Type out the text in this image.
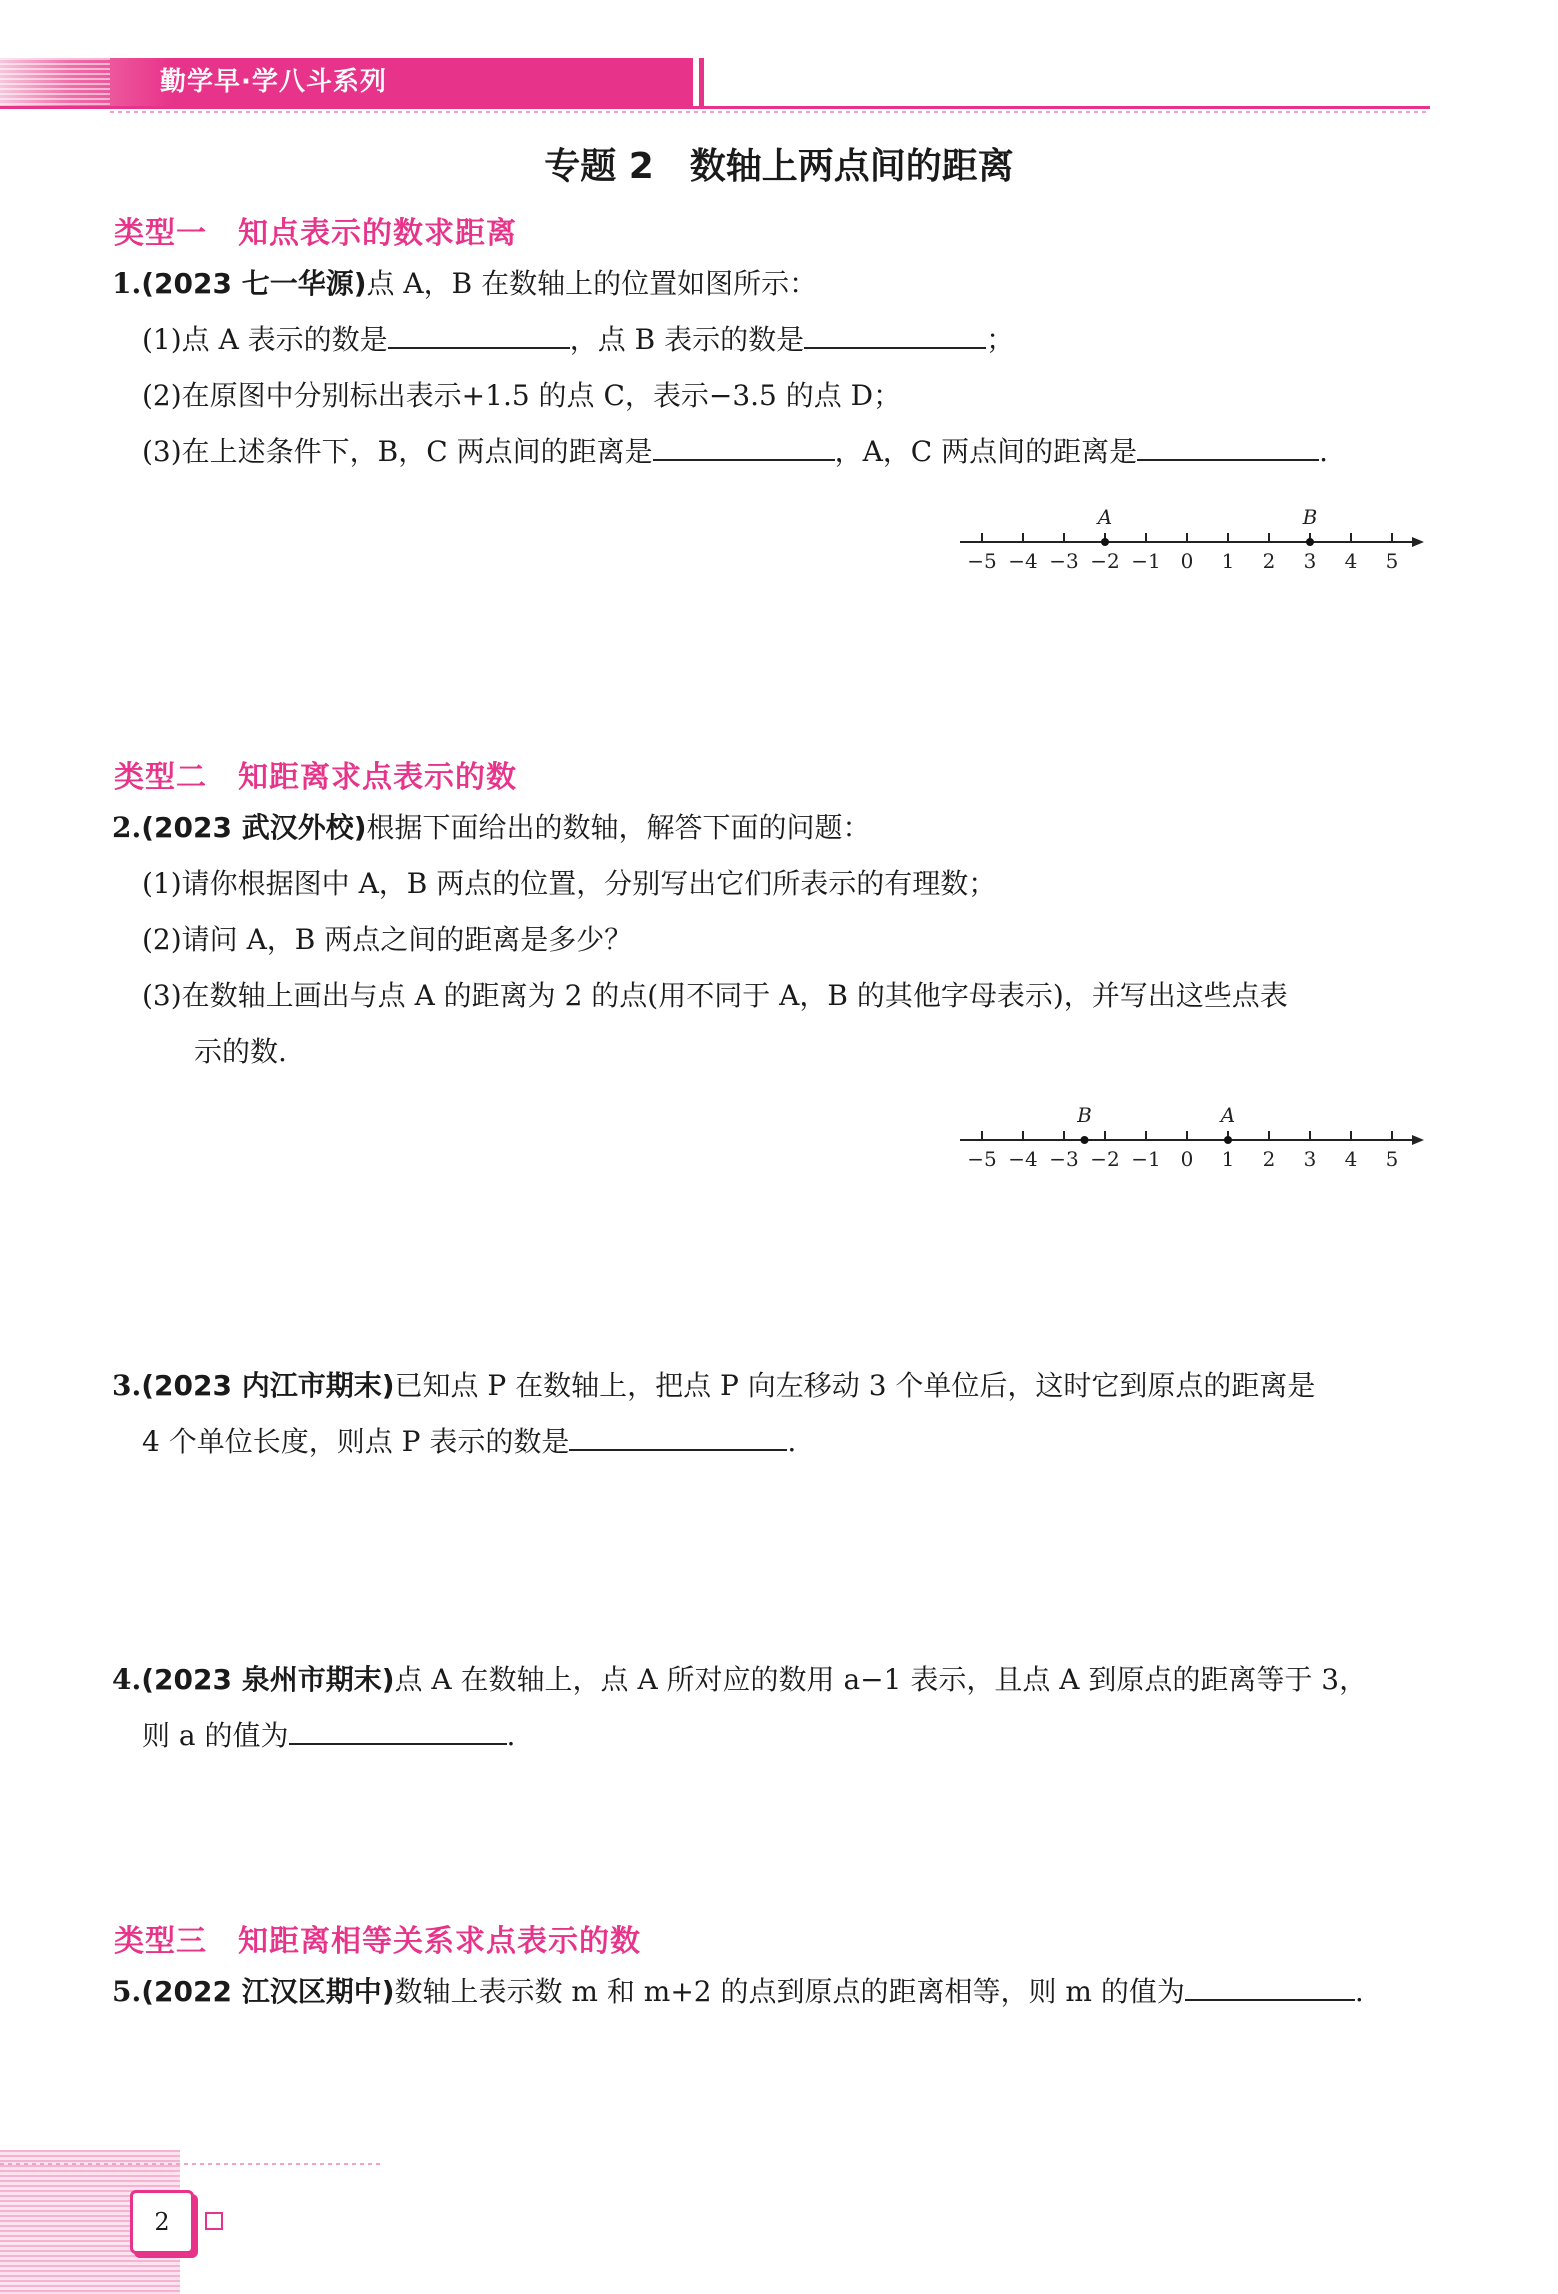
勤学早·学八斗系列
专题 2　数轴上两点间的距离
类型一　知点表示的数求距离
1.(2023 七一华源)点 A，B 在数轴上的位置如图所示：
(1)点 A 表示的数是	，点 B 表示的数是	；
(2)在原图中分别标出表示+1.5 的点 C，表示−3.5 的点 D；
(3)在上述条件下，B，C 两点间的距离是	，A，C 两点间的距离是	.
−5 −4 −3 −2 −1 0 1 2 3 4 5
A	B
类型二　知距离求点表示的数
2.(2023 武汉外校)根据下面给出的数轴，解答下面的问题：
(1)请你根据图中 A，B 两点的位置，分别写出它们所表示的有理数；
(2)请问 A，B 两点之间的距离是多少？
(3)在数轴上画出与点 A 的距离为 2 的点(用不同于 A，B 的其他字母表示)，并写出这些点表
示的数.
−5 −4 −3 −2 −1 0 1 2 3 4 5
B	A
3.(2023 内江市期末)已知点 P 在数轴上，把点 P 向左移动 3 个单位后，这时它到原点的距离是
4 个单位长度，则点 P 表示的数是	.
4.(2023 泉州市期末)点 A 在数轴上，点 A 所对应的数用 a−1 表示，且点 A 到原点的距离等于 3，
则 a 的值为	.
类型三　知距离相等关系求点表示的数
5.(2022 江汉区期中)数轴上表示数 m 和 m+2 的点到原点的距离相等，则 m 的值为	.
2
